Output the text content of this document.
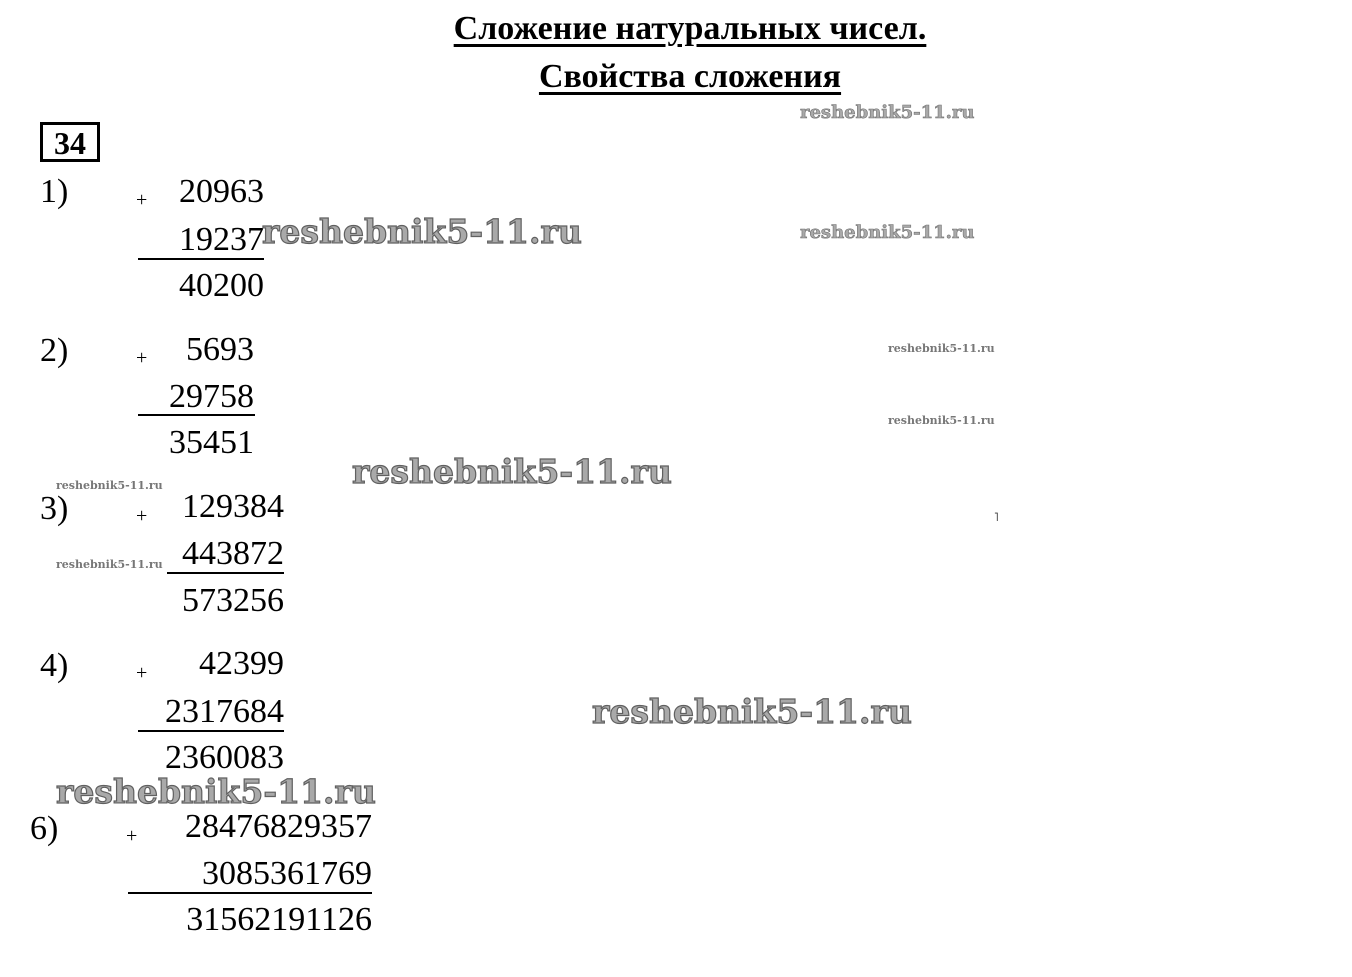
Сложение натуральных чисел.
Свойства сложения
34
1)	+ 20963
19237
40200
2)	+ 5693
29758
35451
3)	+ 129384
443872
573256
4)	+ 42399
2317684
2360083
6)	+ 28476829357
3085361769
31562191126
reshebnik5-11.ru
reshebnik5-11.ru	reshebnik5-11.ru
reshebnik5-11.ru
reshebnik5-11.ru
reshebnik5-11.ru
reshebnik5-11.ru
reshebnik5-11.ru
reshebnik5-11.ru
reshebnik5-11.ru
˥
